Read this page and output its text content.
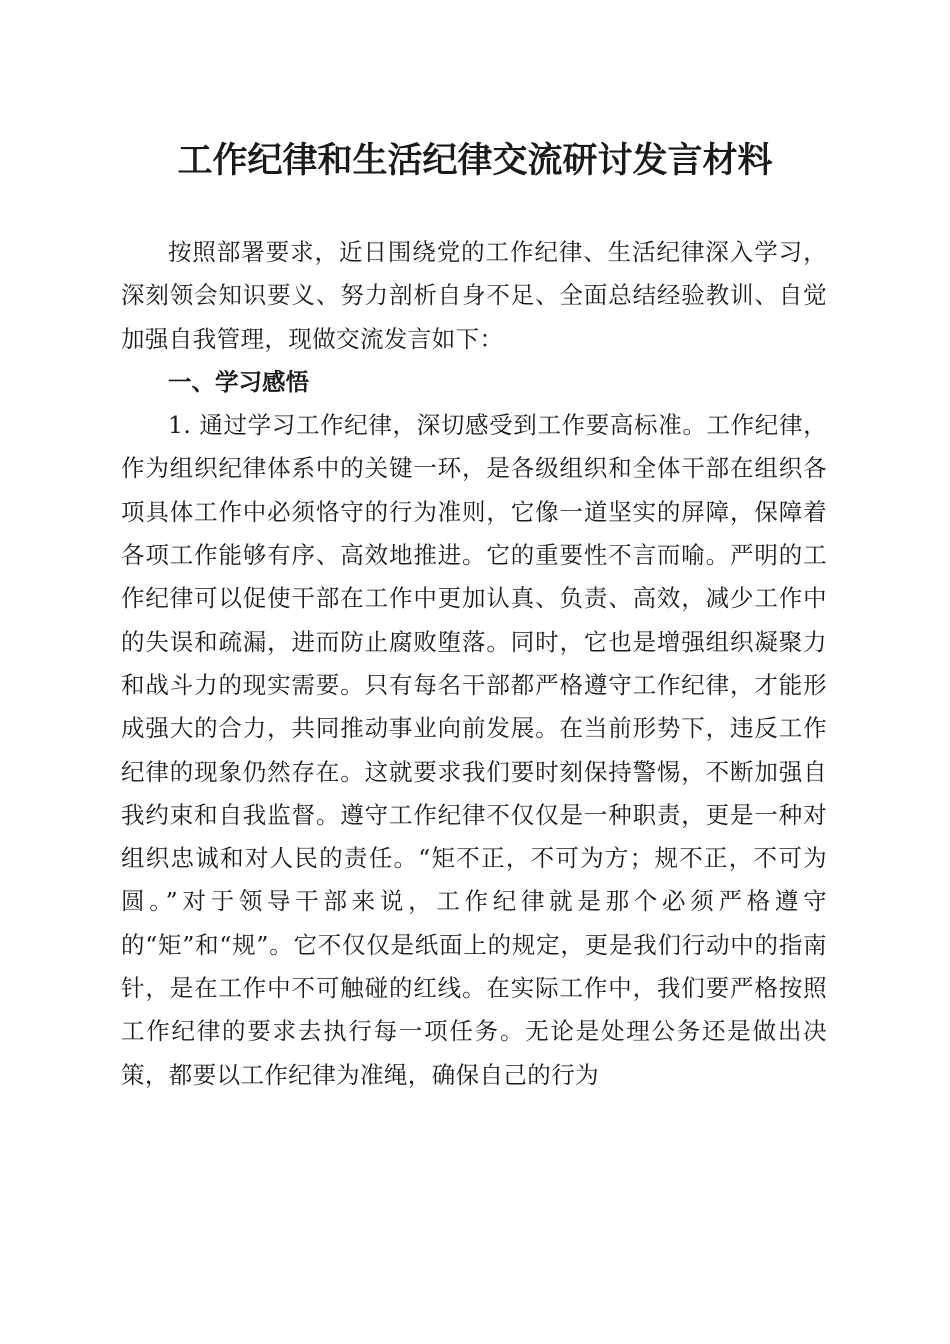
工作纪律和生活纪律交流研讨发言材料

按照部署要求，近日围绕党的工作纪律、生活纪律深入学习，深刻领会知识要义、努力剖析自身不足、全面总结经验教训、自觉加强自我管理，现做交流发言如下：

一、学习感悟

1. 通过学习工作纪律，深切感受到工作要高标准。工作纪律，作为组织纪律体系中的关键一环，是各级组织和全体干部在组织各项具体工作中必须恪守的行为准则，它像一道坚实的屏障，保障着各项工作能够有序、高效地推进。它的重要性不言而喻。严明的工作纪律可以促使干部在工作中更加认真、负责、高效，减少工作中的失误和疏漏，进而防止腐败堕落。同时，它也是增强组织凝聚力和战斗力的现实需要。只有每名干部都严格遵守工作纪律，才能形成强大的合力，共同推动事业向前发展。在当前形势下，违反工作纪律的现象仍然存在。这就要求我们要时刻保持警惕，不断加强自我约束和自我监督。遵守工作纪律不仅仅是一种职责，更是一种对组织忠诚和对人民的责任。“矩不正，不可为方；规不正，不可为圆。”对于领导干部来说，工作纪律就是那个必须严格遵守的“矩”和“规”。它不仅仅是纸面上的规定，更是我们行动中的指南针，是在工作中不可触碰的红线。在实际工作中，我们要严格按照工作纪律的要求去执行每一项任务。无论是处理公务还是做出决策，都要以工作纪律为准绳，确保自己的行为
